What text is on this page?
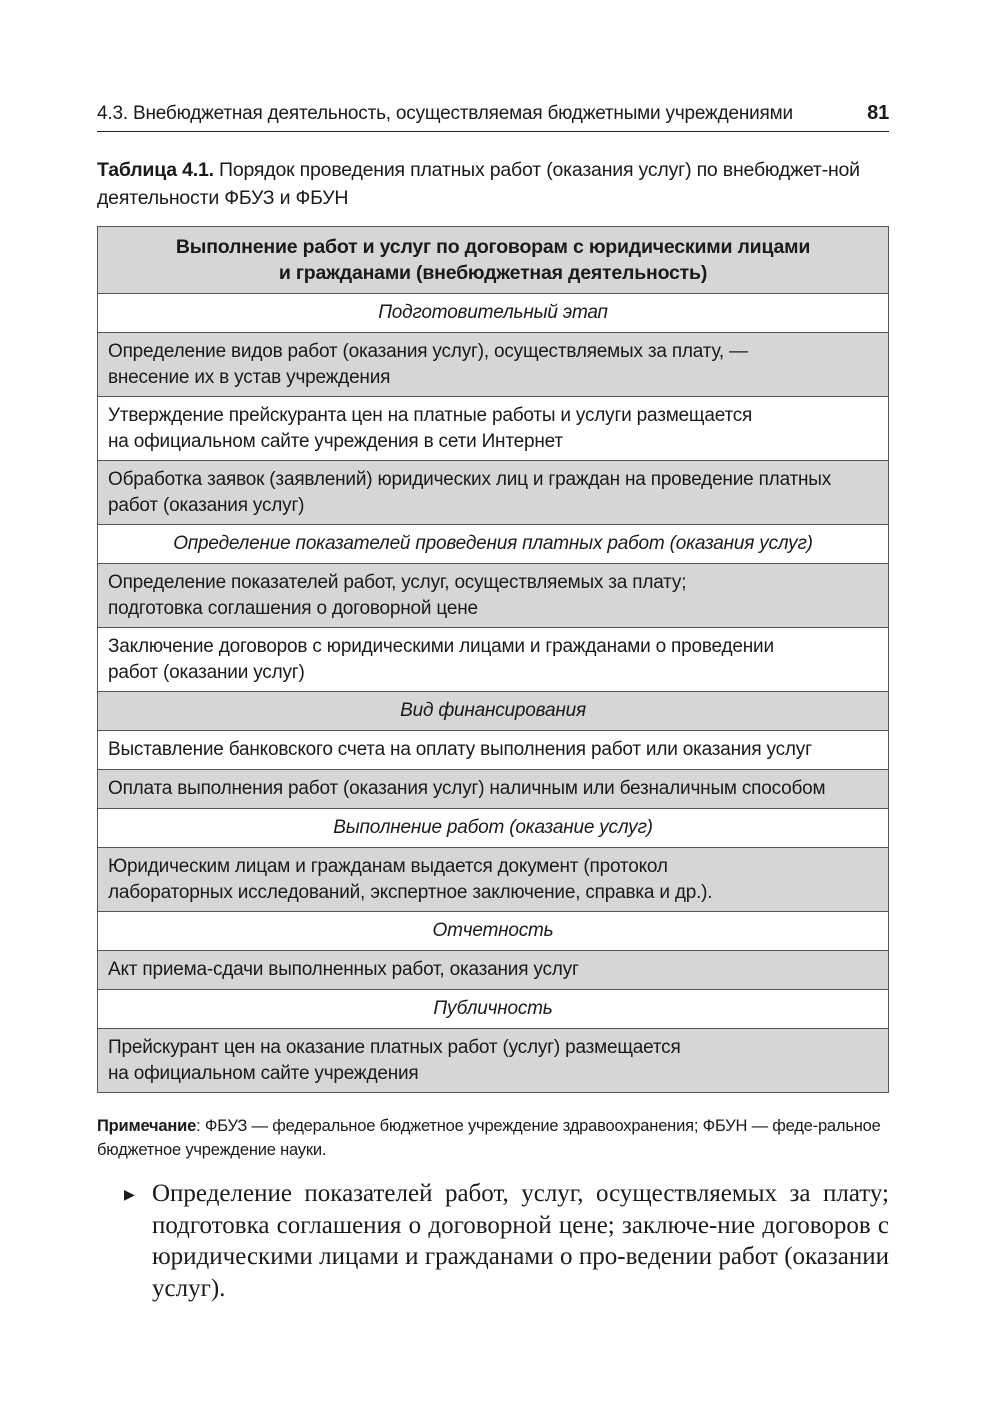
4.3. Внебюджетная деятельность, осуществляемая бюджетными учреждениями	81
Таблица 4.1. Порядок проведения платных работ (оказания услуг) по внебюджет-ной деятельности ФБУЗ и ФБУН
Выполнение работ и услуг по договорам с юридическими лицами
и гражданами (внебюджетная деятельность)

Подготовительный этап

Определение видов работ (оказания услуг), осуществляемых за плату, —
внесение их в устав учреждения

Утверждение прейскуранта цен на платные работы и услуги размещается
на официальном сайте учреждения в сети Интернет

Обработка заявок (заявлений) юридических лиц и граждан на проведение платных
работ (оказания услуг)

Определение показателей проведения платных работ (оказания услуг)

Определение показателей работ, услуг, осуществляемых за плату;
подготовка соглашения о договорной цене

Заключение договоров с юридическими лицами и гражданами о проведении
работ (оказании услуг)

Вид финансирования

Выставление банковского счета на оплату выполнения работ или оказания услуг

Оплата выполнения работ (оказания услуг) наличным или безналичным способом

Выполнение работ (оказание услуг)

Юридическим лицам и гражданам выдается документ (протокол
лабораторных исследований, экспертное заключение, справка и др.).

Отчетность

Акт приема-сдачи выполненных работ, оказания услуг

Публичность

Прейскурант цен на оказание платных работ (услуг) размещается
на официальном сайте учреждения
Примечание: ФБУЗ — федеральное бюджетное учреждение здравоохранения; ФБУН — феде-ральное бюджетное учреждение науки.
▶ Определение показателей работ, услуг, осуществляемых за плату; подготовка соглашения о договорной цене; заключе-ние договоров с юридическими лицами и гражданами о про-ведении работ (оказании услуг).
